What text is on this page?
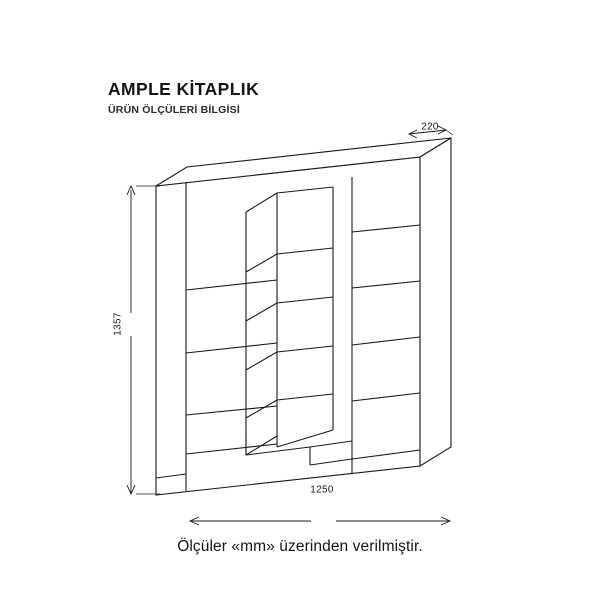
AMPLE KİTAPLIK

ÜRÜN ÖLÇÜLERİ BİLGİSİ

1357
1250
220
Ölçüler «mm» üzerinden verilmiştir.
